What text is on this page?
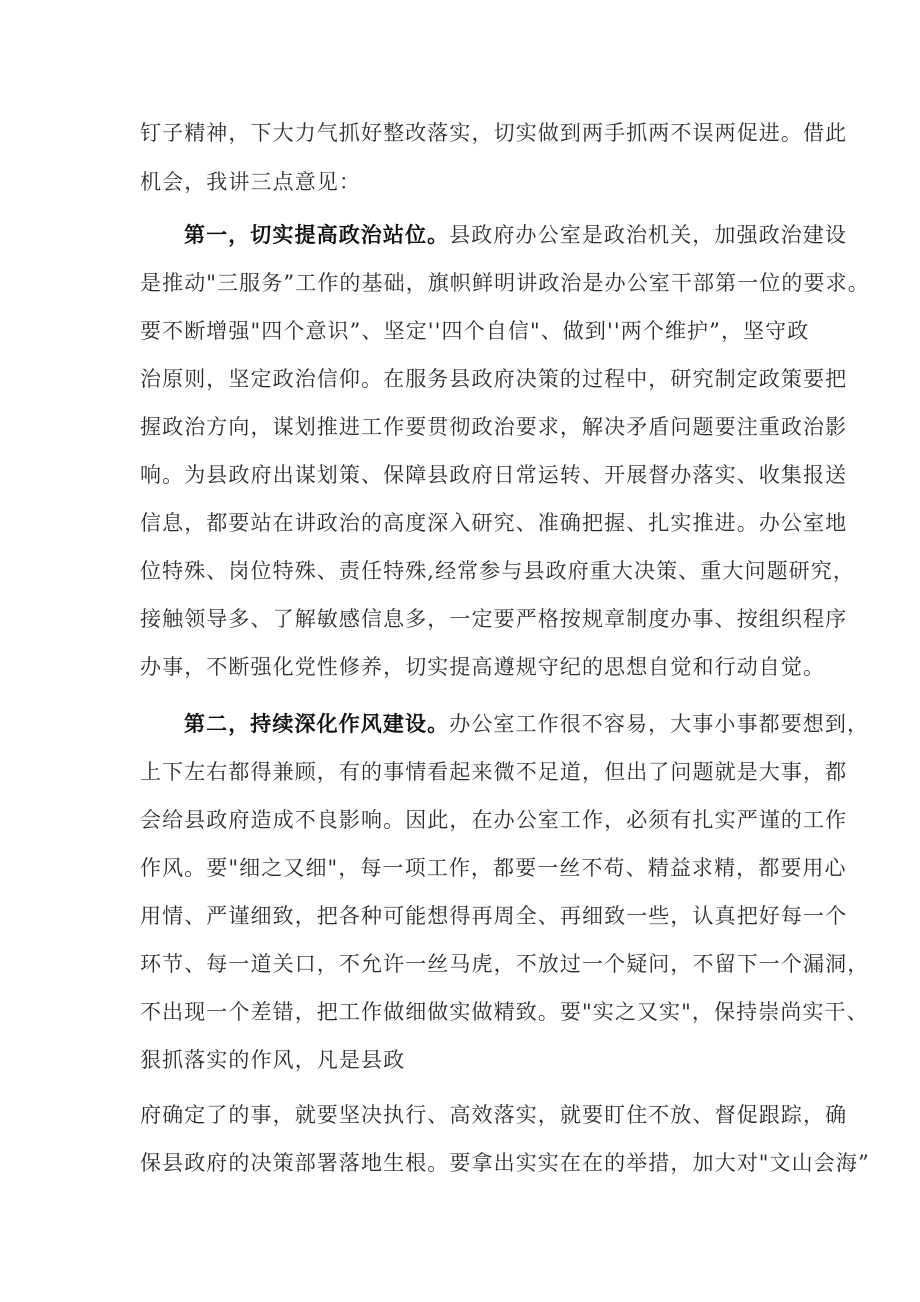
钉子精神，下大力气抓好整改落实，切实做到两手抓两不误两促进。借此
机会，我讲三点意见：
第一，切实提高政治站位。县政府办公室是政治机关，加强政治建设
是推动"三服务”工作的基础，旗帜鲜明讲政治是办公室干部第一位的要求。
要不断增强"四个意识”、坚定''四个自信"、做到''两个维护”，坚守政
治原则，坚定政治信仰。在服务县政府决策的过程中，研究制定政策要把
握政治方向，谋划推进工作要贯彻政治要求，解决矛盾问题要注重政治影
响。为县政府出谋划策、保障县政府日常运转、开展督办落实、收集报送
信息，都要站在讲政治的高度深入研究、准确把握、扎实推进。办公室地
位特殊、岗位特殊、责任特殊,经常参与县政府重大决策、重大问题研究，
接触领导多、了解敏感信息多，一定要严格按规章制度办事、按组织程序
办事，不断强化党性修养，切实提高遵规守纪的思想自觉和行动自觉。
第二，持续深化作风建设。办公室工作很不容易，大事小事都要想到，
上下左右都得兼顾，有的事情看起来微不足道，但出了问题就是大事，都
会给县政府造成不良影响。因此，在办公室工作，必须有扎实严谨的工作
作风。要"细之又细"，每一项工作，都要一丝不苟、精益求精，都要用心
用情、严谨细致，把各种可能想得再周全、再细致一些，认真把好每一个
环节、每一道关口，不允许一丝马虎，不放过一个疑问，不留下一个漏洞，
不出现一个差错，把工作做细做实做精致。要"实之又实"，保持崇尚实干、
狠抓落实的作风，凡是县政
府确定了的事，就要坚决执行、高效落实，就要盯住不放、督促跟踪，确
保县政府的决策部署落地生根。要拿出实实在在的举措，加大对"文山会海”
